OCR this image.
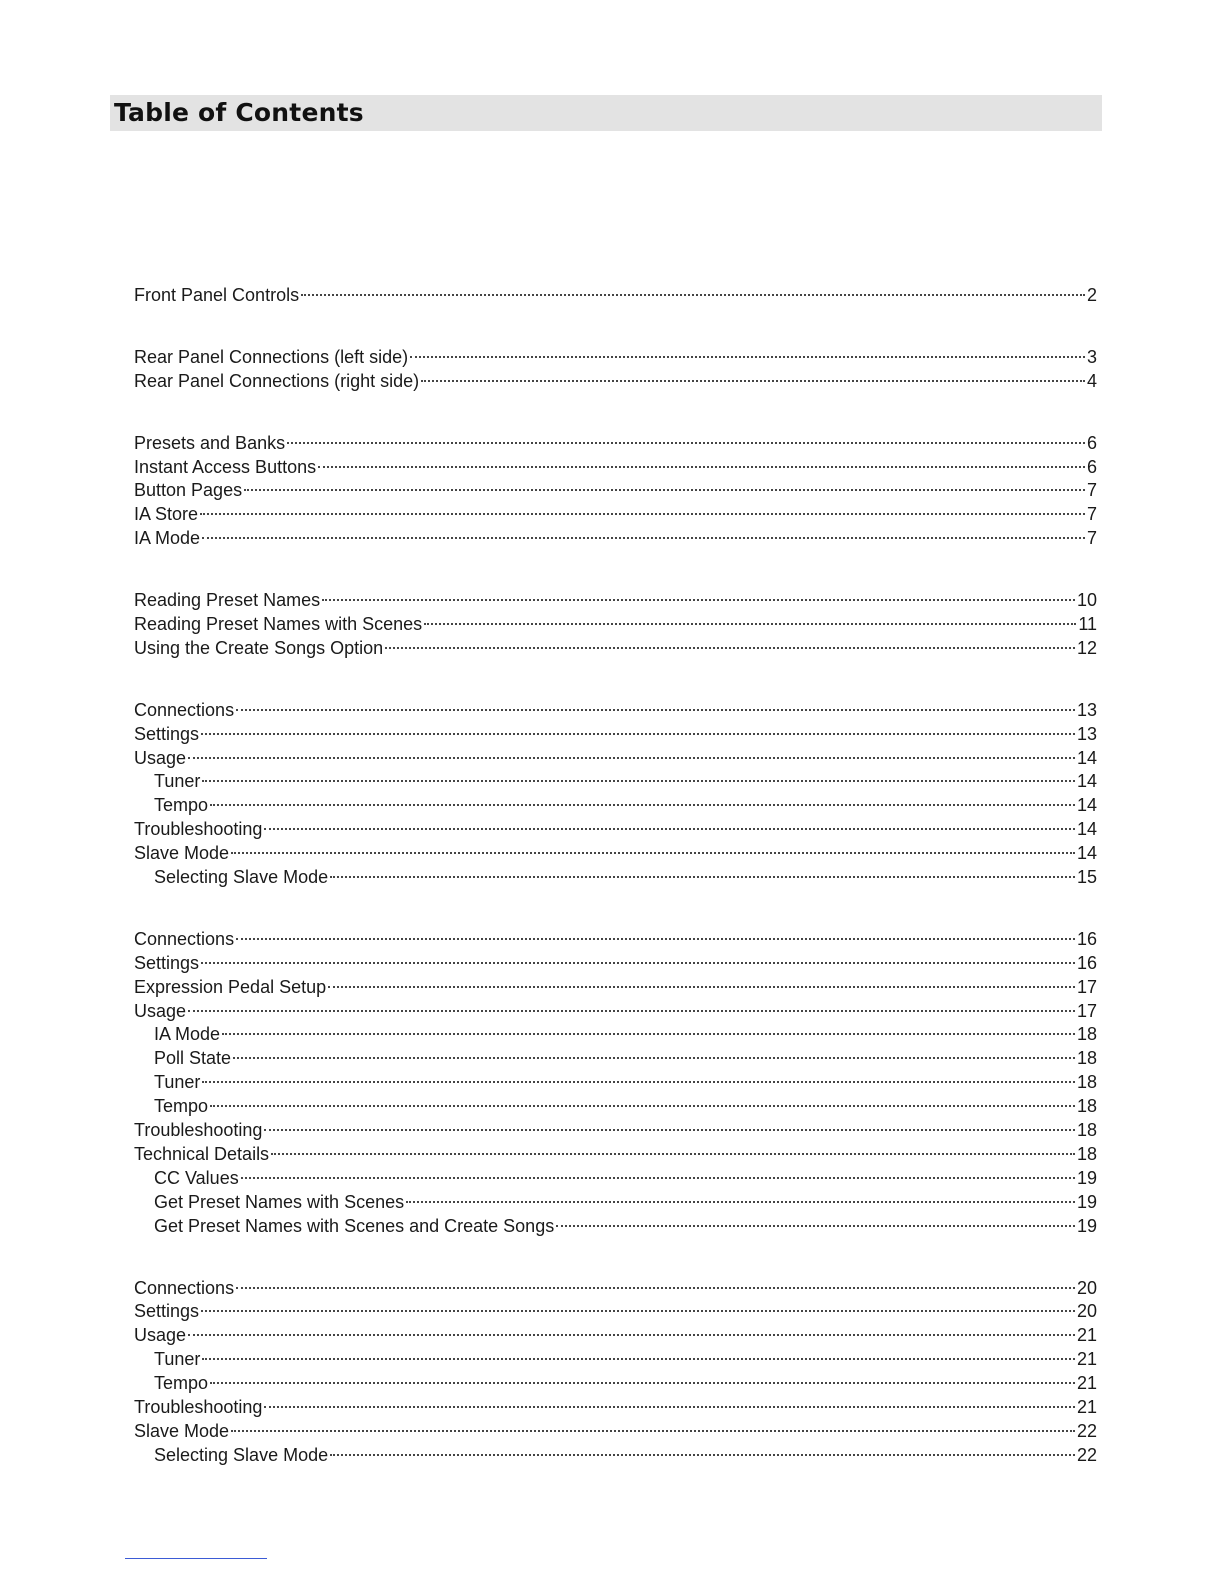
Table of Contents
Front Panel Controls	2
Rear Panel Connections (left side)	3
Rear Panel Connections (right side)	4
Presets and Banks	6
Instant Access Buttons	6
Button Pages	7
IA Store	7
IA Mode	7
Reading Preset Names	10
Reading Preset Names with Scenes	11
Using the Create Songs Option	12
Connections	13
Settings	13
Usage	14
Tuner	14
Tempo	14
Troubleshooting	14
Slave Mode	14
Selecting Slave Mode	15
Connections	16
Settings	16
Expression Pedal Setup	17
Usage	17
IA Mode	18
Poll State	18
Tuner	18
Tempo	18
Troubleshooting	18
Technical Details	18
CC Values	19
Get Preset Names with Scenes	19
Get Preset Names with Scenes and Create Songs	19
Connections	20
Settings	20
Usage	21
Tuner	21
Tempo	21
Troubleshooting	21
Slave Mode	22
Selecting Slave Mode	22
